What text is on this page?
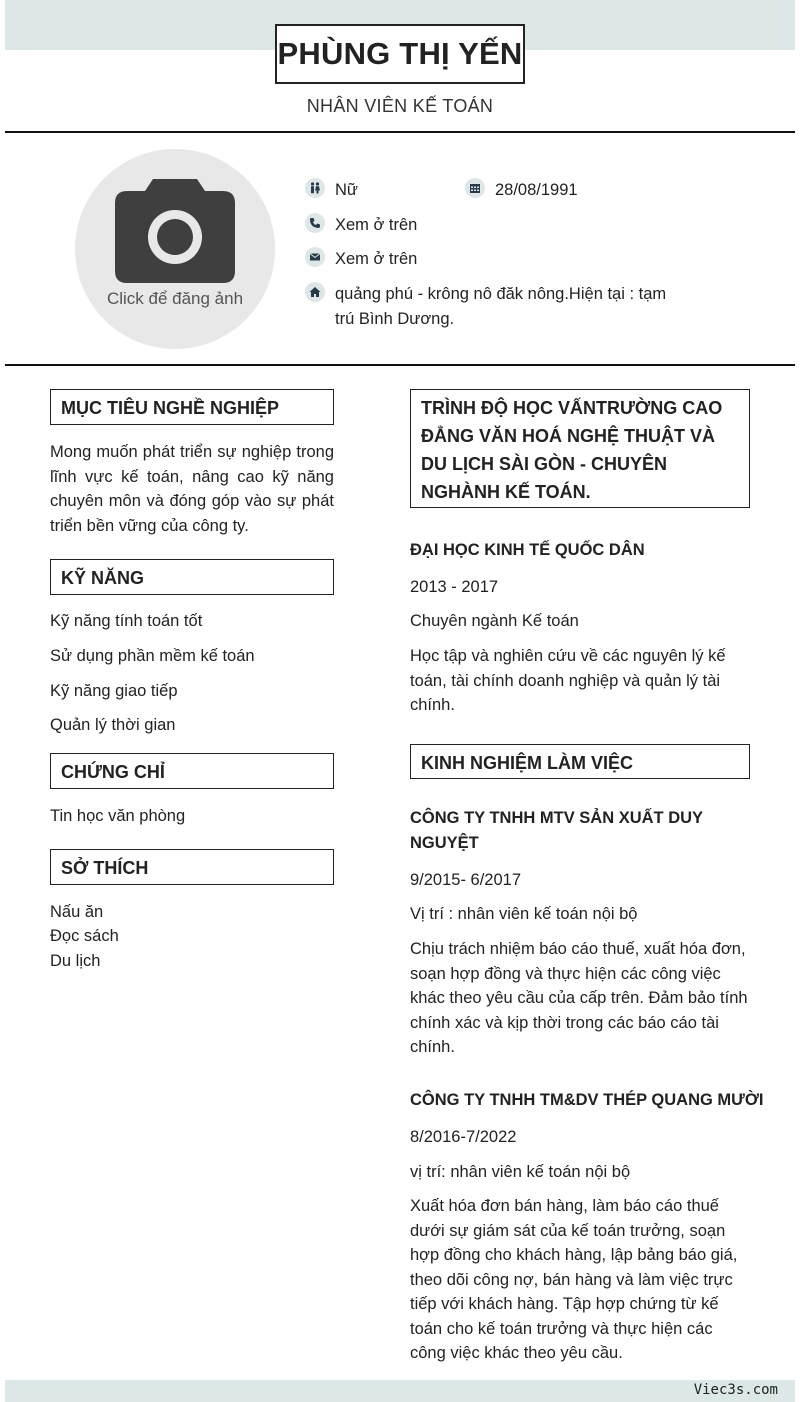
PHÙNG THỊ YẾN
NHÂN VIÊN KẾ TOÁN
Click để đăng ảnh
Nữ	28/08/1991
Xem ở trên
Xem ở trên
quảng phú - krông nô đăk nông.Hiện tại : tạm
trú Bình Dương.
MỤC TIÊU NGHỀ NGHIỆP
Mong muốn phát triển sự nghiệp trong lĩnh vực kế toán, nâng cao kỹ năng chuyên môn và đóng góp vào sự phát triển bền vững của công ty.
KỸ NĂNG
Kỹ năng tính toán tốt
Sử dụng phần mềm kế toán
Kỹ năng giao tiếp
Quản lý thời gian
CHỨNG CHỈ
Tin học văn phòng
SỞ THÍCH
Nấu ăn
Đọc sách
Du lịch
TRÌNH ĐỘ HỌC VẤNTRƯỜNG CAO ĐẲNG VĂN HOÁ NGHỆ THUẬT VÀ DU LỊCH SÀI GÒN - CHUYÊN NGHÀNH KẾ TOÁN.
ĐẠI HỌC KINH TẾ QUỐC DÂN
2013 - 2017
Chuyên ngành Kế toán
Học tập và nghiên cứu về các nguyên lý kế toán, tài chính doanh nghiệp và quản lý tài chính.
KINH NGHIỆM LÀM VIỆC
CÔNG TY TNHH MTV SẢN XUẤT DUY NGUYỆT
9/2015- 6/2017
Vị trí : nhân viên kế toán nội bộ
Chịu trách nhiệm báo cáo thuế, xuất hóa đơn, soạn hợp đồng và thực hiện các công việc khác theo yêu cầu của cấp trên. Đảm bảo tính chính xác và kịp thời trong các báo cáo tài chính.
CÔNG TY TNHH TM&DV THÉP QUANG MƯỜI
8/2016-7/2022
vị trí: nhân viên kế toán nội bộ
Xuất hóa đơn bán hàng, làm báo cáo thuế dưới sự giám sát của kế toán trưởng, soạn hợp đồng cho khách hàng, lập bảng báo giá, theo dõi công nợ, bán hàng và làm việc trực tiếp với khách hàng. Tập hợp chứng từ kế toán cho kế toán trưởng và thực hiện các công việc khác theo yêu cầu.
Viec3s.com
